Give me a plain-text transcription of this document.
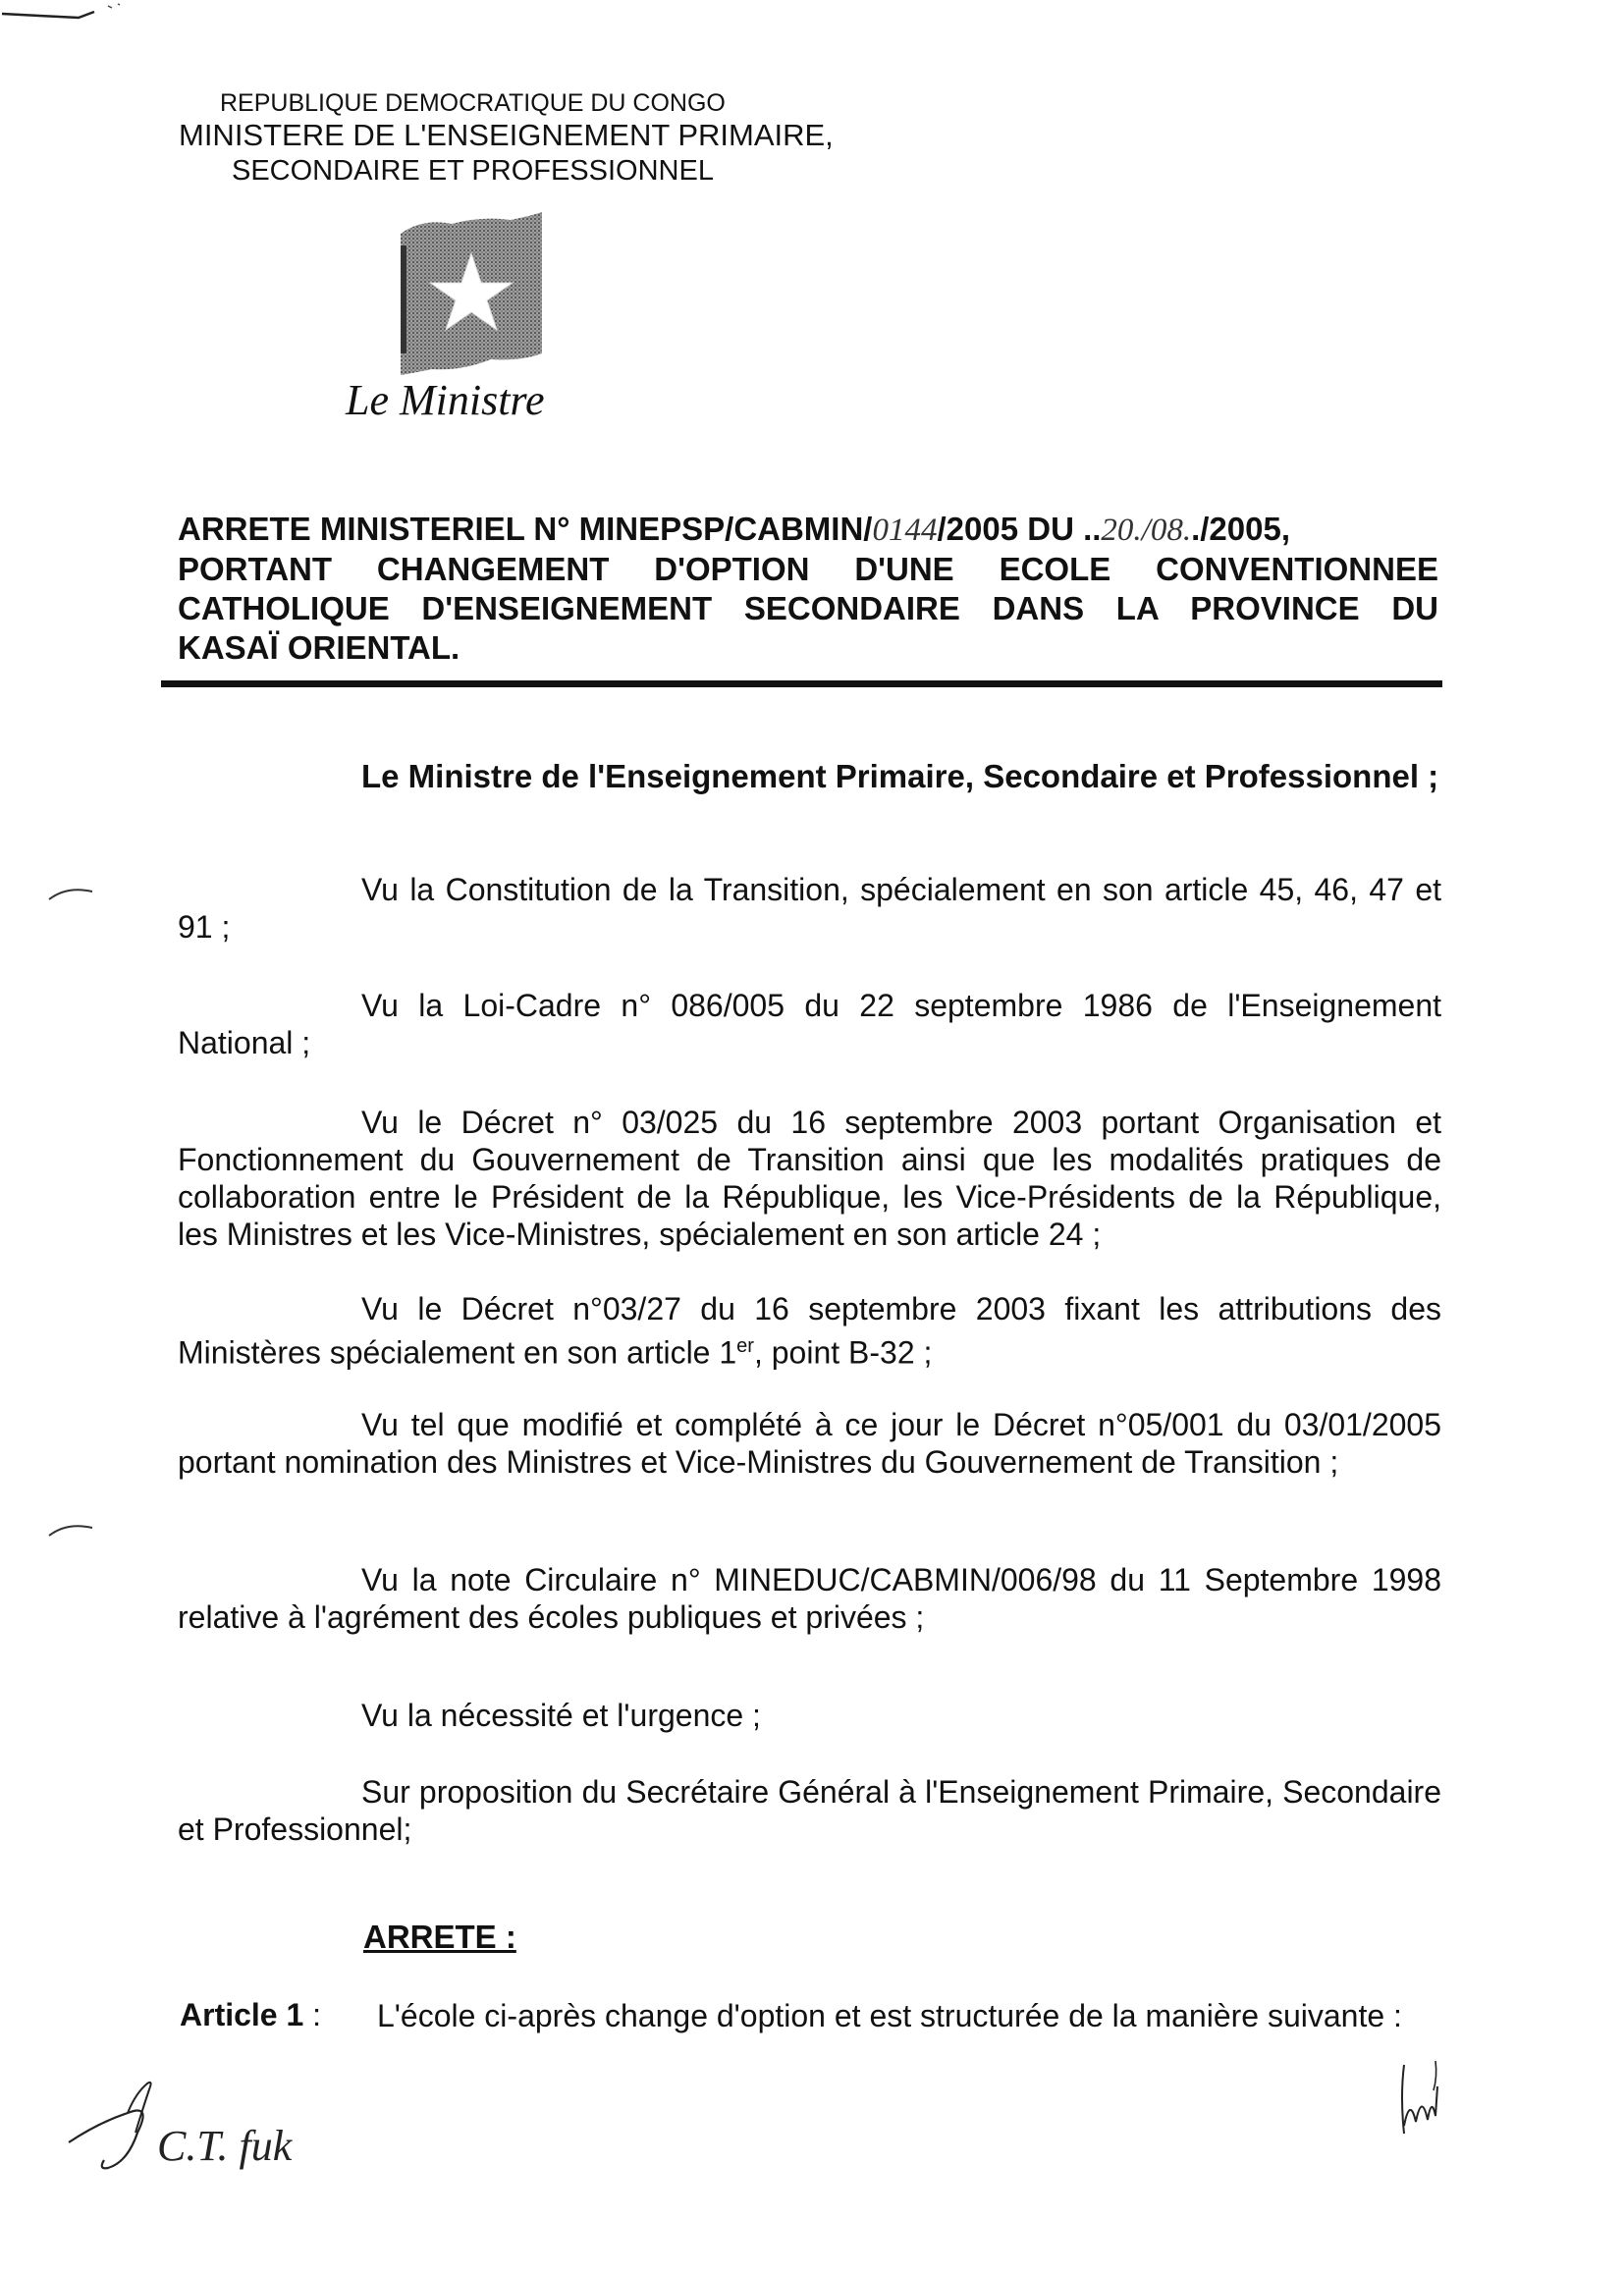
REPUBLIQUE DEMOCRATIQUE DU CONGO
MINISTERE DE L'ENSEIGNEMENT PRIMAIRE,
SECONDAIRE ET PROFESSIONNEL
Le Ministre
ARRETE MINISTERIEL N° MINEPSP/CABMIN/0144/2005 DU ..20./08../2005,
PORTANT CHANGEMENT D'OPTION D'UNE ECOLE CONVENTIONNEE
CATHOLIQUE D'ENSEIGNEMENT SECONDAIRE DANS LA PROVINCE DU
KASAÏ ORIENTAL.
Le Ministre de l'Enseignement Primaire, Secondaire et Professionnel ;
Vu la Constitution de la Transition, spécialement en son article 45, 46, 47 et 91 ;
Vu la Loi-Cadre n° 086/005 du 22 septembre 1986 de l'Enseignement National ;
Vu le Décret n° 03/025 du 16 septembre 2003 portant Organisation et Fonctionnement du Gouvernement de Transition ainsi que les modalités pratiques de collaboration entre le Président de la République, les Vice-Présidents de la République, les Ministres et les Vice-Ministres, spécialement en son article 24 ;
Vu le Décret n°03/27 du 16 septembre 2003 fixant les attributions des Ministères spécialement en son article 1er, point B-32 ;
Vu tel que modifié et complété à ce jour le Décret n°05/001 du 03/01/2005 portant nomination des Ministres et Vice-Ministres du Gouvernement de Transition ;
Vu la note Circulaire n° MINEDUC/CABMIN/006/98 du 11 Septembre 1998 relative à l'agrément des écoles publiques et privées ;
Vu la nécessité et l'urgence ;
Sur proposition du Secrétaire Général à l'Enseignement Primaire, Secondaire et Professionnel;
ARRETE :
Article 1 : L'école ci-après change d'option et est structurée de la manière suivante :
C.T. fuk
